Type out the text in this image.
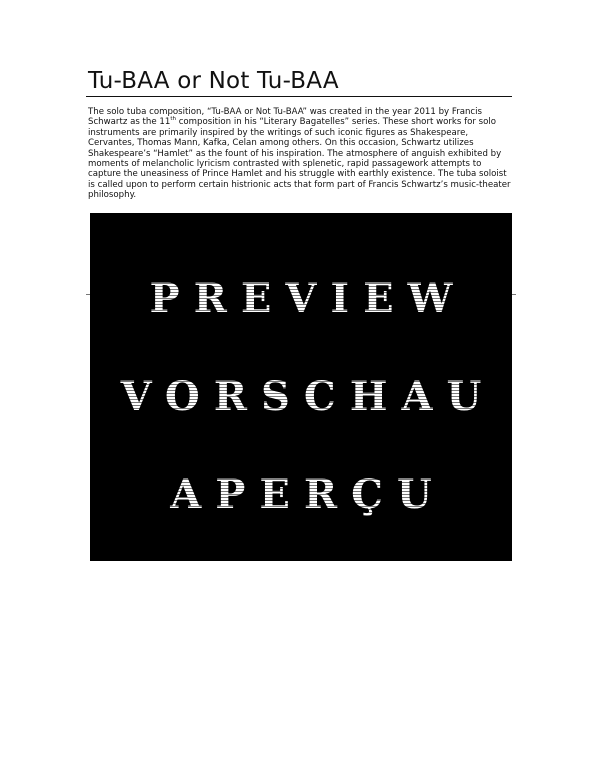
Tu-BAA or Not Tu-BAA

The solo tuba composition, “Tu-BAA or Not Tu-BAA” was created in the year 2011 by Francis Schwartz as the 11th composition in his “Literary Bagatelles” series. These short works for solo instruments are primarily inspired by the writings of such iconic figures as Shakespeare, Cervantes, Thomas Mann, Kafka, Celan among others. On this occasion, Schwartz utilizes Shakespeare’s “Hamlet” as the fount of his inspiration. The atmosphere of anguish exhibited by moments of melancholic lyricism contrasted with splenetic, rapid passagework attempts to capture the uneasiness of Prince Hamlet and his struggle with earthly existence. The tuba soloist is called upon to perform certain histrionic acts that form part of Francis Schwartz’s music-theater philosophy.

PREVIEW
VORSCHAU
APERÇU
